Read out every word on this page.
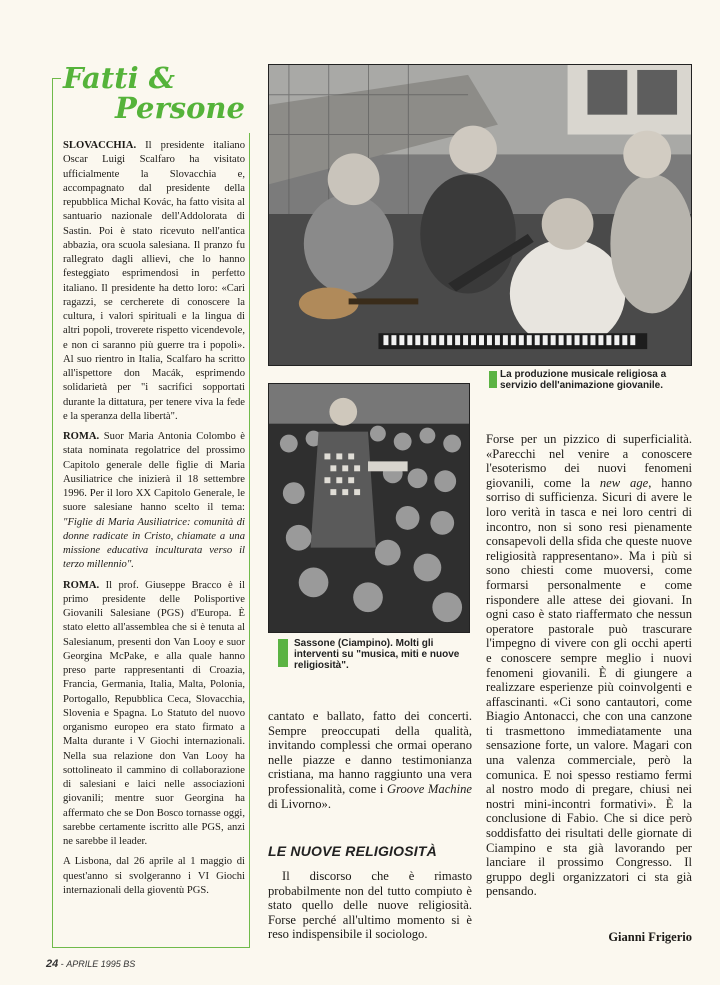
Fatti &
Persone

SLOVACCHIA. Il presidente italiano Oscar Luigi Scalfaro ha visitato ufficialmente la Slovacchia e, accompagnato dal presidente della repubblica Michal Kovác, ha fatto visita al santuario nazionale dell'Addolorata di Sastin. Poi è stato ricevuto nell'antica abbazia, ora scuola salesiana. Il pranzo fu rallegrato dagli allievi, che lo hanno festeggiato esprimendosi in perfetto italiano. Il presidente ha detto loro: «Cari ragazzi, se cercherete di conoscere la cultura, i valori spirituali e la lingua di altri popoli, troverete rispetto vicendevole, e non ci saranno più guerre tra i popoli». Al suo rientro in Italia, Scalfaro ha scritto all'ispettore don Macák, esprimendo solidarietà per "i sacrifici sopportati durante la dittatura, per tenere viva la fede e la speranza della libertà".

ROMA. Suor Maria Antonia Colombo è stata nominata regolatrice del prossimo Capitolo generale delle figlie di Maria Ausiliatrice che inizierà il 18 settembre 1996. Per il loro XX Capitolo Generale, le suore salesiane hanno scelto il tema: "Figlie di Maria Ausiliatrice: comunità di donne radicate in Cristo, chiamate a una missione educativa inculturata verso il terzo millennio".

ROMA. Il prof. Giuseppe Bracco è il primo presidente delle Polisportive Giovanili Salesiane (PGS) d'Europa. È stato eletto all'assemblea che si è tenuta al Salesianum, presenti don Van Looy e suor Georgina McPake, e alla quale hanno preso parte rappresentanti di Croazia, Francia, Germania, Italia, Malta, Polonia, Portogallo, Repubblica Ceca, Slovacchia, Slovenia e Spagna. Lo Statuto del nuovo organismo europeo era stato firmato a Malta durante i V Giochi internazionali. Nella sua relazione don Van Looy ha sottolineato il cammino di collaborazione di salesiani e laici nelle associazioni giovanili; mentre suor Georgina ha affermato che se Don Bosco tornasse oggi, sarebbe certamente iscritto alle PGS, anzi ne sarebbe il leader.

A Lisbona, dal 26 aprile al 1 maggio di quest'anno si svolgeranno i VI Giochi internazionali della gioventù PGS.

La produzione musicale religiosa a servizio dell'animazione giovanile.
Sassone (Ciampino). Molti gli interventi su "musica, miti e nuove religiosità".
cantato e ballato, fatto dei concerti. Sempre preoccupati della qualità, invitando complessi che ormai operano nelle piazze e danno testimonianza cristiana, ma hanno raggiunto una vera professionalità, come i Groove Machine di Livorno».
LE NUOVE RELIGIOSITÀ
Il discorso che è rimasto probabilmente non del tutto compiuto è stato quello delle nuove religiosità. Forse perché all'ultimo momento si è reso indispensibile il sociologo.
Forse per un pizzico di superficialità. «Parecchi nel venire a conoscere l'esoterismo dei nuovi fenomeni giovanili, come la new age, hanno sorriso di sufficienza. Sicuri di avere le loro verità in tasca e nei loro centri di incontro, non si sono resi pienamente consapevoli della sfida che queste nuove religiosità rappresentano». Ma i più si sono chiesti come muoversi, come formarsi personalmente e come rispondere alle attese dei giovani. In ogni caso è stato riaffermato che nessun operatore pastorale può trascurare l'impegno di vivere con gli occhi aperti e conoscere sempre meglio i nuovi fenomeni giovanili. È di giungere a realizzare esperienze più coinvolgenti e affascinanti. «Ci sono cantautori, come Biagio Antonacci, che con una canzone ti trasmettono immediatamente una sensazione forte, un valore. Magari con una valenza commerciale, però la comunica. E noi spesso restiamo fermi al nostro modo di pregare, chiusi nei nostri mini-incontri formativi». È la conclusione di Fabio. Che si dice però soddisfatto dei risultati delle giornate di Ciampino e sta già lavorando per lanciare il prossimo Congresso. Il gruppo degli organizzatori ci sta già pensando.
Gianni Frigerio
24 - APRILE 1995 BS
